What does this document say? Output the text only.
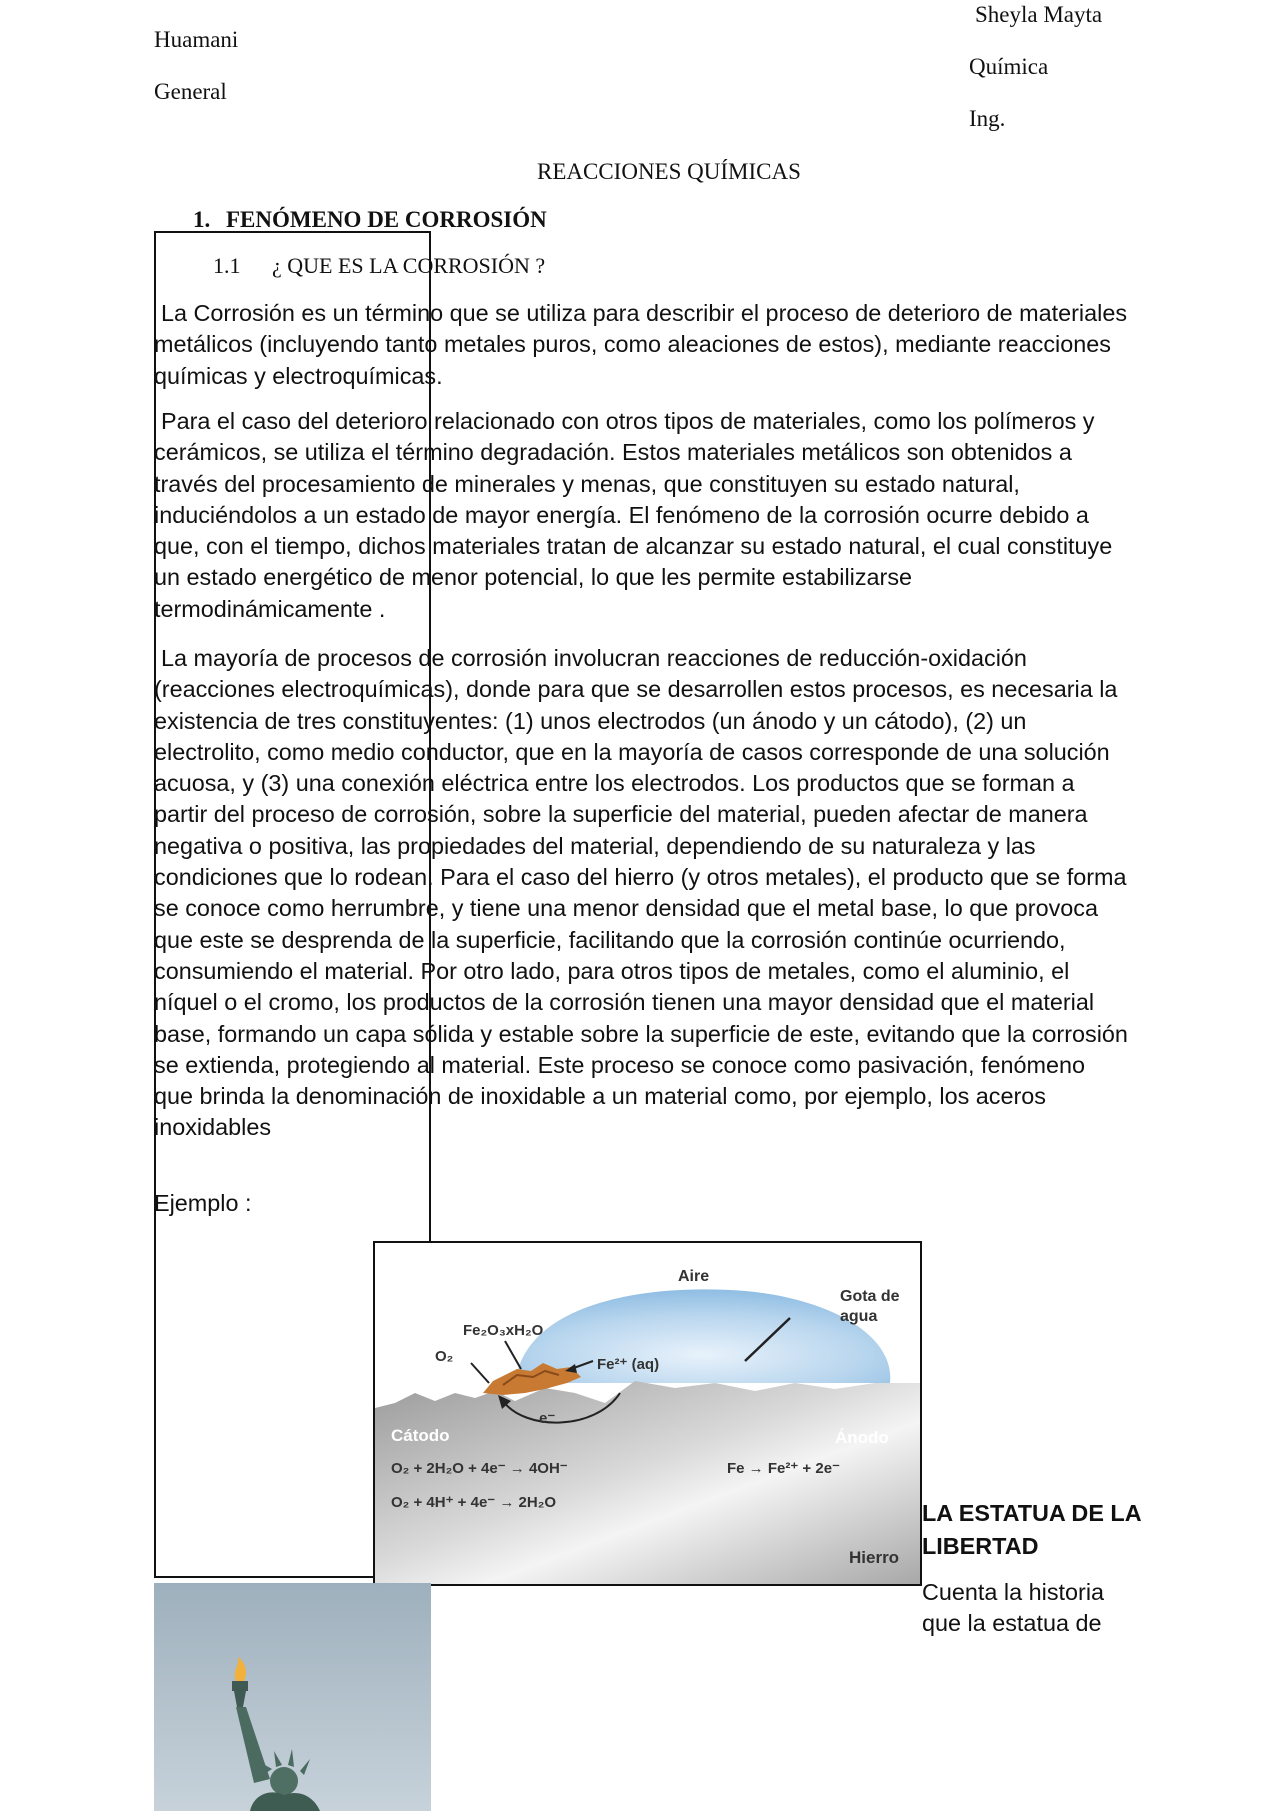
Sheyla Mayta
Huamani
Química
General
Ing.
REACCIONES QUÍMICAS
1. FENÓMENO DE CORROSIÓN
1.1 ¿ QUE ES LA CORROSIÓN ?
La Corrosión es un término que se utiliza para describir el proceso de deterioro de materiales metálicos (incluyendo tanto metales puros, como aleaciones de estos), mediante reacciones químicas y electroquímicas.
Para el caso del deterioro relacionado con otros tipos de materiales, como los polímeros y cerámicos, se utiliza el término degradación. Estos materiales metálicos son obtenidos a través del procesamiento de minerales y menas, que constituyen su estado natural, induciéndolos a un estado de mayor energía. El fenómeno de la corrosión ocurre debido a que, con el tiempo, dichos materiales tratan de alcanzar su estado natural, el cual constituye un estado energético de menor potencial, lo que les permite estabilizarse termodinámicamente .
La mayoría de procesos de corrosión involucran reacciones de reducción-oxidación (reacciones electroquímicas), donde para que se desarrollen estos procesos, es necesaria la existencia de tres constituyentes: (1) unos electrodos (un ánodo y un cátodo), (2) un electrolito, como medio conductor, que en la mayoría de casos corresponde de una solución acuosa, y (3) una conexión eléctrica entre los electrodos. Los productos que se forman a partir del proceso de corrosión, sobre la superficie del material, pueden afectar de manera negativa o positiva, las propiedades del material, dependiendo de su naturaleza y las condiciones que lo rodean. Para el caso del hierro (y otros metales), el producto que se forma se conoce como herrumbre, y tiene una menor densidad que el metal base, lo que provoca que este se desprenda de la superficie, facilitando que la corrosión continúe ocurriendo, consumiendo el material. Por otro lado, para otros tipos de metales, como el aluminio, el níquel o el cromo, los productos de la corrosión tienen una mayor densidad que el material base, formando un capa sólida y estable sobre la superficie de este, evitando que la corrosión se extienda, protegiendo al material. Este proceso se conoce como pasivación, fenómeno que brinda la denominación de inoxidable a un material como, por ejemplo, los aceros inoxidables
Ejemplo :
Aire
Gota de
agua
Fe₂O₃xH₂O
O₂	Fe²⁺ (aq)
e⁻
Cátodo	Ánodo
O₂ + 2H₂O + 4e⁻ → 4OH⁻
O₂ + 4H⁺ + 4e⁻ → 2H₂O
Fe → Fe²⁺ + 2e⁻
Hierro
LA ESTATUA DE LA LIBERTAD
Cuenta la historia que la estatua de
